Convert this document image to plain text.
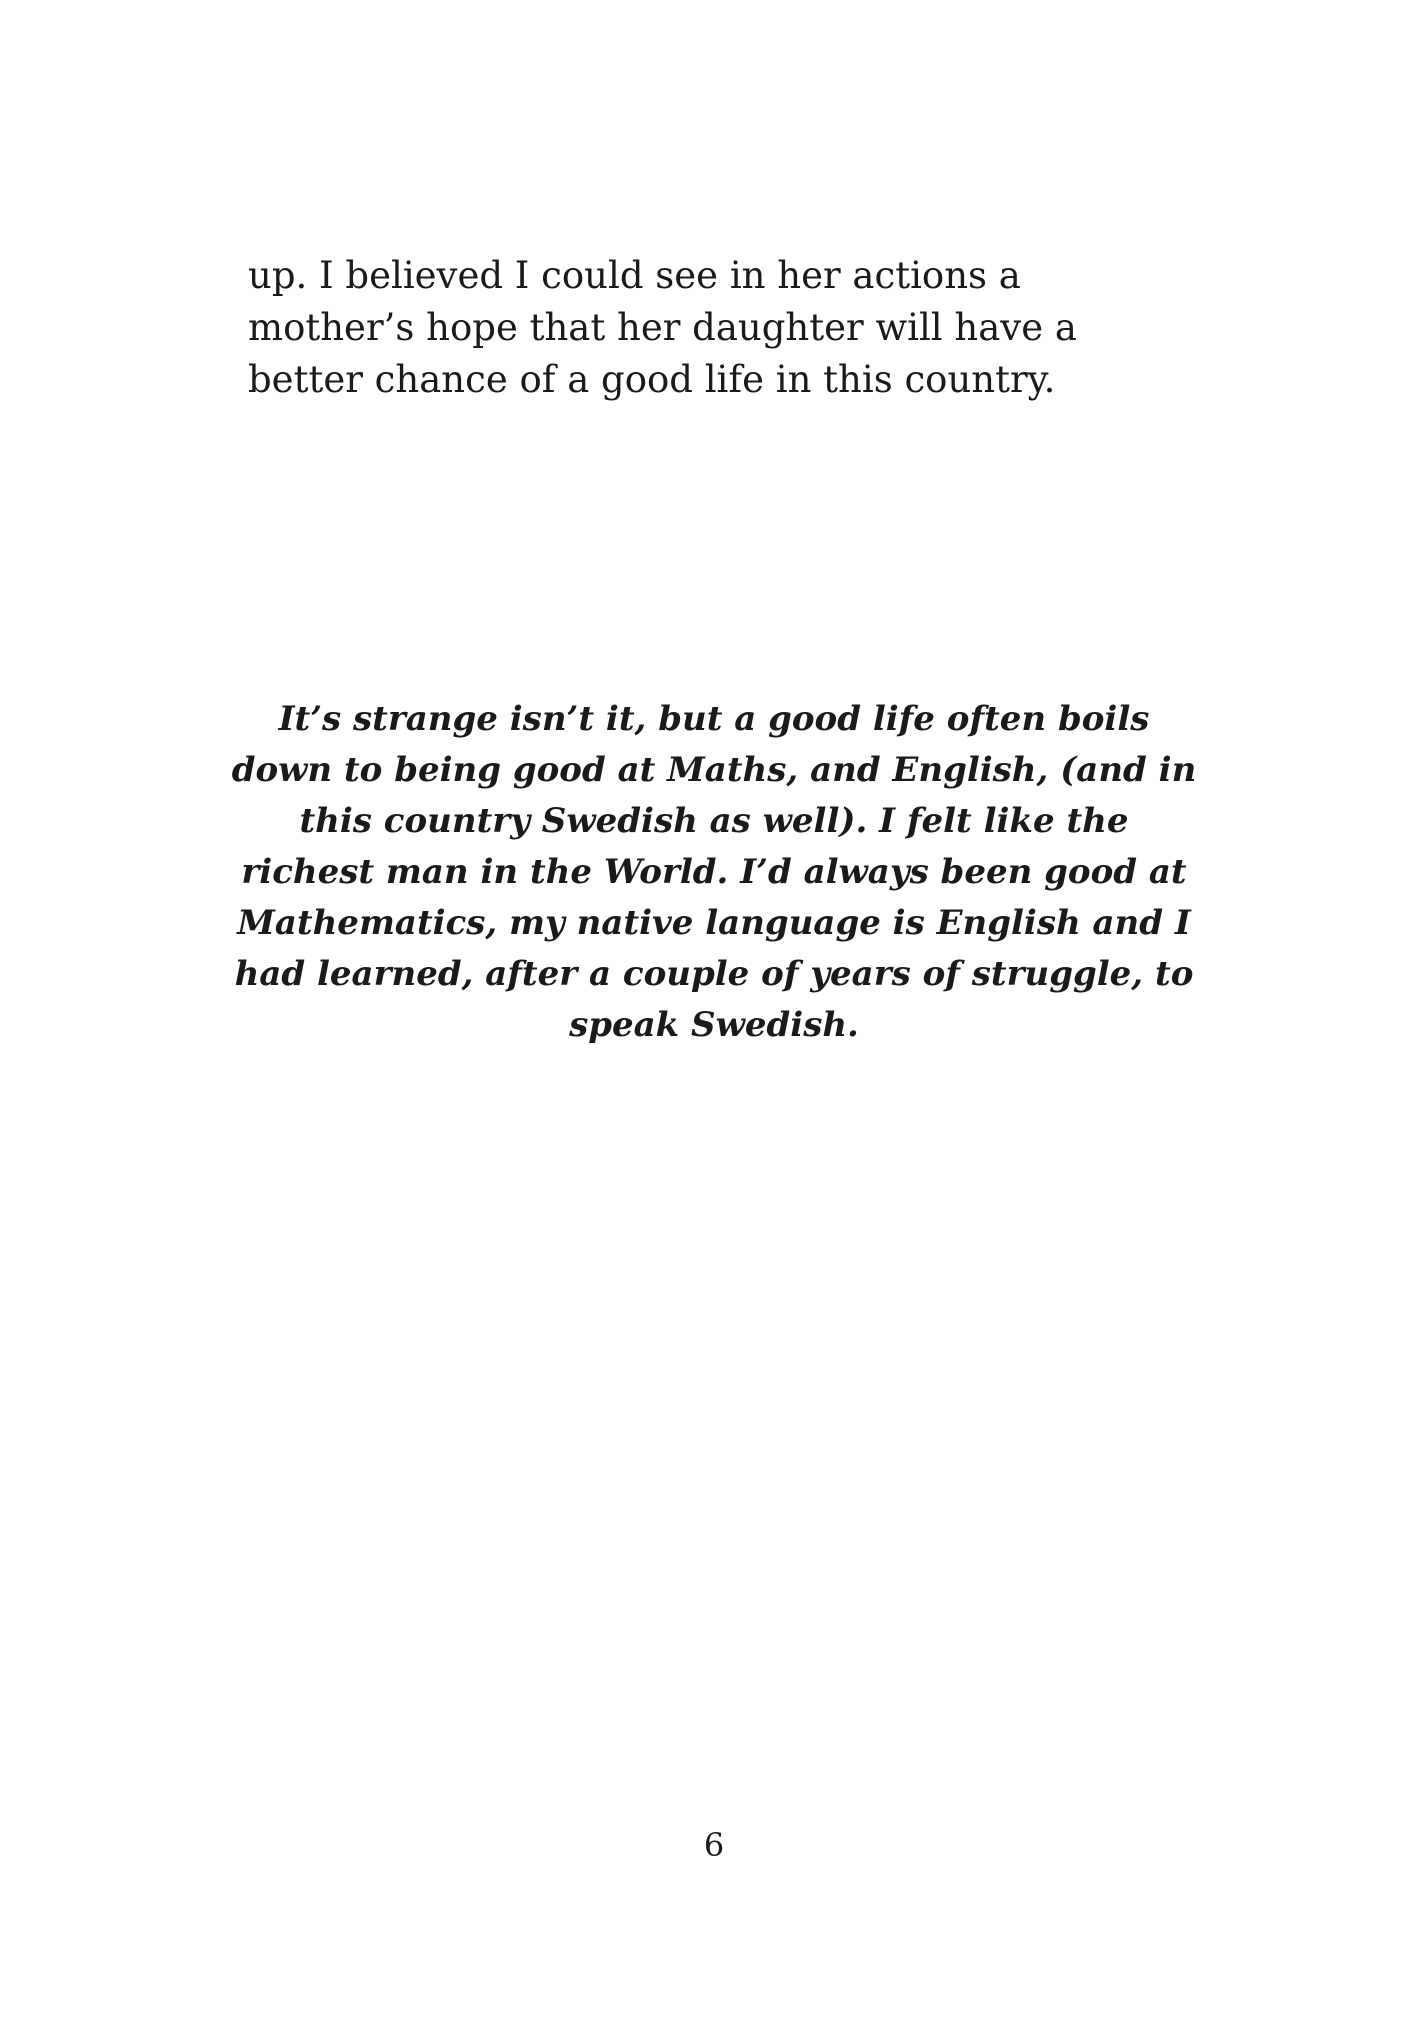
up. I believed I could see in her actions a mother’s hope that her daughter will have a better chance of a good life in this country.

It’s strange isn’t it, but a good life often boils down to being good at Maths, and English, (and in this country Swedish as well). I felt like the richest man in the World. I’d always been good at Mathematics, my native language is English and I had learned, after a couple of years of struggle, to speak Swedish.

6
